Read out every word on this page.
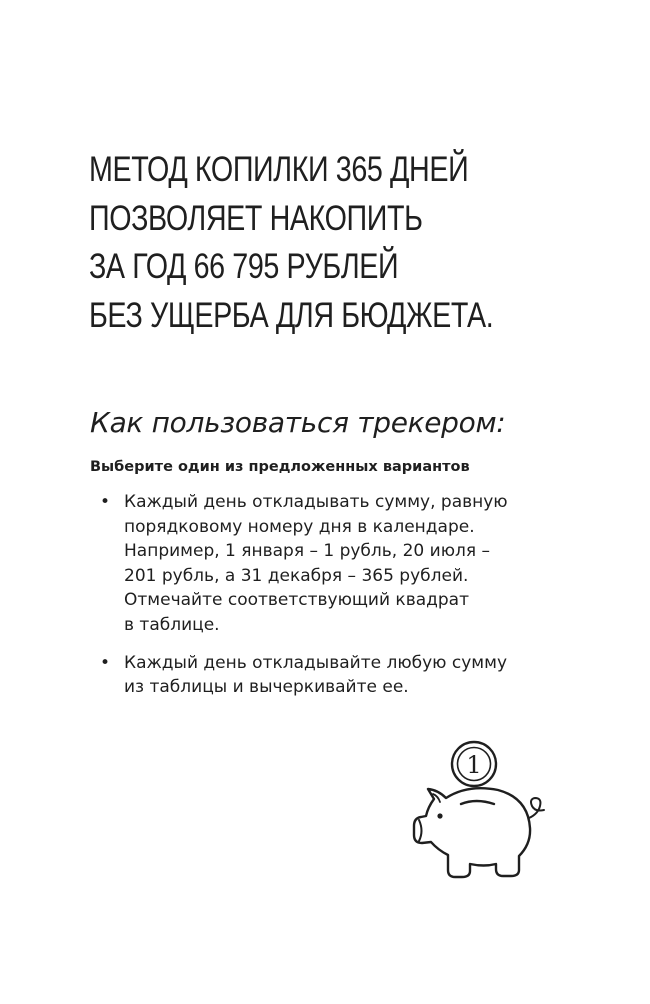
МЕТОД КОПИЛКИ 365 ДНЕЙ
ПОЗВОЛЯЕТ НАКОПИТЬ
ЗА ГОД 66 795 РУБЛЕЙ
БЕЗ УЩЕРБА ДЛЯ БЮДЖЕТА.
Как пользоваться трекером:

Выберите один из предложенных вариантов

• Каждый день откладывать сумму, равную
порядковому номеру дня в календаре.
Например, 1 января – 1 рубль, 20 июля –
201 рубль, а 31 декабря – 365 рублей.
Отмечайте соответствующий квадрат
в таблице.
• Каждый день откладывайте любую сумму
из таблицы и вычеркивайте ее.
1
